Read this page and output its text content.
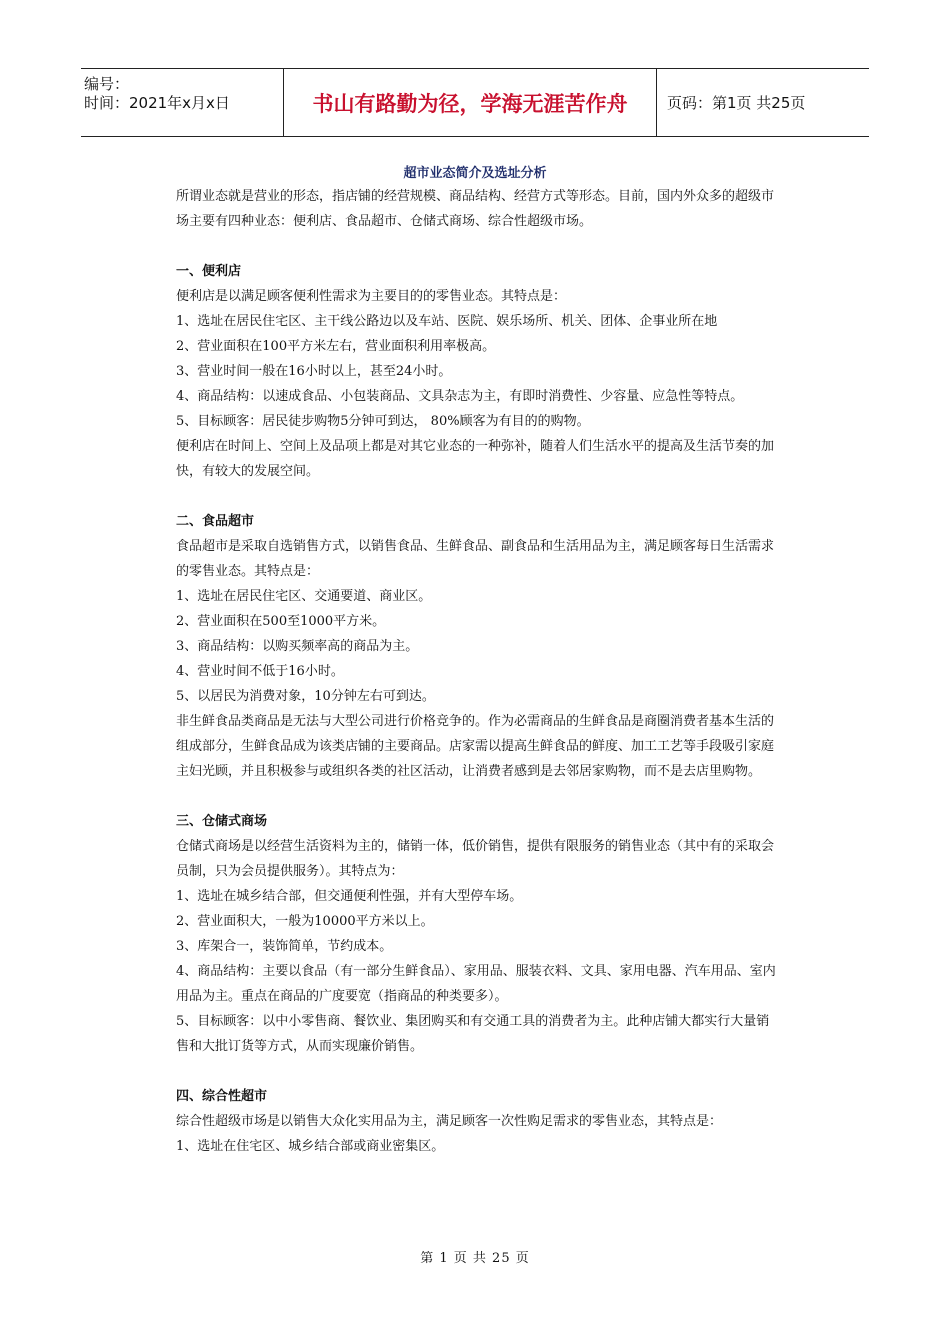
编号：
时间：2021年x月x日	书山有路勤为径，学海无涯苦作舟	页码：第1页 共25页
超市业态简介及选址分析

所谓业态就是营业的形态，指店铺的经营规模、商品结构、经营方式等形态。目前，国内外众多的超级市场主要有四种业态：便利店、食品超市、仓储式商场、综合性超级市场。

一、便利店

便利店是以满足顾客便利性需求为主要目的的零售业态。其特点是：

1、选址在居民住宅区、主干线公路边以及车站、医院、娱乐场所、机关、团体、企事业所在地

2、营业面积在100平方米左右，营业面积利用率极高。

3、营业时间一般在16小时以上，甚至24小时。

4、商品结构：以速成食品、小包装商品、文具杂志为主，有即时消费性、少容量、应急性等特点。

5、目标顾客：居民徒步购物5分钟可到达， 80%顾客为有目的的购物。

便利店在时间上、空间上及品项上都是对其它业态的一种弥补，随着人们生活水平的提高及生活节奏的加快，有较大的发展空间。

二、食品超市

食品超市是采取自选销售方式，以销售食品、生鲜食品、副食品和生活用品为主，满足顾客每日生活需求的零售业态。其特点是：

1、选址在居民住宅区、交通要道、商业区。

2、营业面积在500至1000平方米。

3、商品结构：以购买频率高的商品为主。

4、营业时间不低于16小时。

5、以居民为消费对象，10分钟左右可到达。

非生鲜食品类商品是无法与大型公司进行价格竞争的。作为必需商品的生鲜食品是商圈消费者基本生活的组成部分，生鲜食品成为该类店铺的主要商品。店家需以提高生鲜食品的鲜度、加工工艺等手段吸引家庭主妇光顾，并且积极参与或组织各类的社区活动，让消费者感到是去邻居家购物，而不是去店里购物。

三、仓储式商场

仓储式商场是以经营生活资料为主的，储销一体，低价销售，提供有限服务的销售业态（其中有的采取会员制，只为会员提供服务）。其特点为：

1、选址在城乡结合部，但交通便利性强，并有大型停车场。

2、营业面积大，一般为10000平方米以上。

3、库架合一，装饰简单，节约成本。

4、商品结构：主要以食品（有一部分生鲜食品）、家用品、服装衣料、文具、家用电器、汽车用品、室内用品为主。重点在商品的广度要宽（指商品的种类要多）。

5、目标顾客：以中小零售商、餐饮业、集团购买和有交通工具的消费者为主。此种店铺大都实行大量销售和大批订货等方式，从而实现廉价销售。

四、综合性超市

综合性超级市场是以销售大众化实用品为主，满足顾客一次性购足需求的零售业态，其特点是：

1、选址在住宅区、城乡结合部或商业密集区。

第 1 页 共 25 页
